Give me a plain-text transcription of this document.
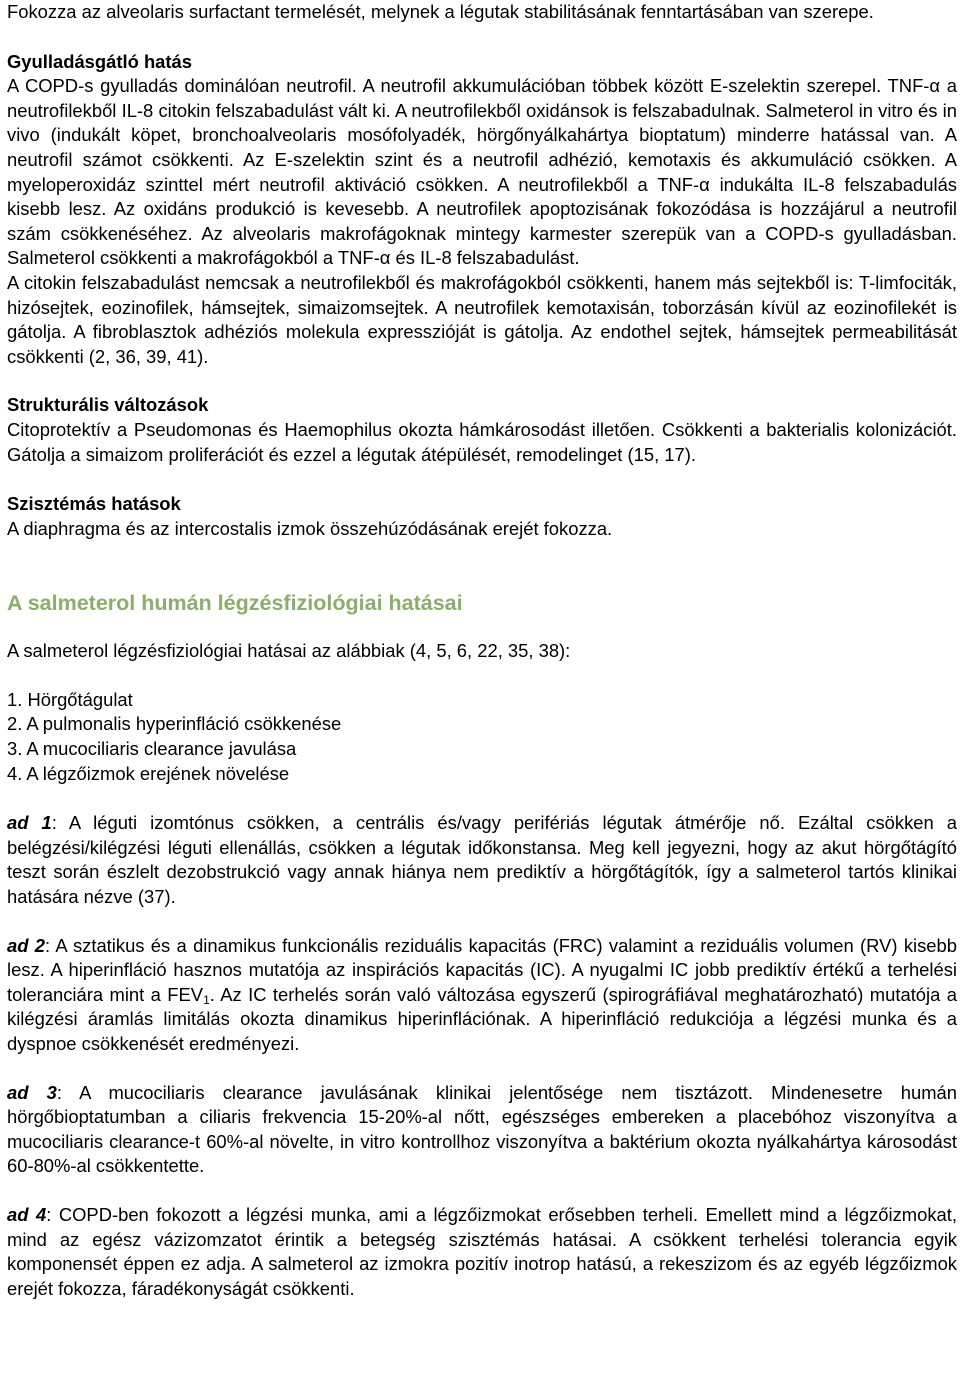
Fokozza az alveolaris surfactant termelését, melynek a légutak stabilitásának fenntartásában van szerepe.

Gyulladásgátló hatás

A COPD-s gyulladás dominálóan neutrofil. A neutrofil akkumulációban többek között E-szelektin szerepel. TNF-α a neutrofilekből IL-8 citokin felszabadulást vált ki. A neutrofilekből oxidánsok is felszabadulnak. Salmeterol in vitro és in vivo (indukált köpet, bronchoalveolaris mosófolyadék, hörgőnyálkahártya bioptatum) minderre hatással van. A neutrofil számot csökkenti. Az E-szelektin szint és a neutrofil adhézió, kemotaxis és akkumuláció csökken. A myeloperoxidáz szinttel mért neutrofil aktiváció csökken. A neutrofilekből a TNF-α indukálta IL-8 felszabadulás kisebb lesz. Az oxidáns produkció is kevesebb. A neutrofilek apoptozisának fokozódása is hozzájárul a neutrofil szám csökkenéséhez. Az alveolaris makrofágoknak mintegy karmester szerepük van a COPD-s gyulladásban. Salmeterol csökkenti a makrofágokból a TNF-α és IL-8 felszabadulást.

A citokin felszabadulást nemcsak a neutrofilekből és makrofágokból csökkenti, hanem más sejtekből is: T-limfociták, hizósejtek, eozinofilek, hámsejtek, simaizomsejtek. A neutrofilek kemotaxisán, toborzásán kívül az eozinofilekét is gátolja. A fibroblasztok adhéziós molekula expresszióját is gátolja. Az endothel sejtek, hámsejtek permeabilitását csökkenti (2, 36, 39, 41).

Strukturális változások

Citoprotektív a Pseudomonas és Haemophilus okozta hámkárosodást illetően. Csökkenti a bakterialis kolonizációt. Gátolja a simaizom proliferációt és ezzel a légutak átépülését, remodelinget (15, 17).

Szisztémás hatások

A diaphragma és az intercostalis izmok összehúzódásának erejét fokozza.

A salmeterol humán légzésfiziológiai hatásai

A salmeterol légzésfiziológiai hatásai az alábbiak (4, 5, 6, 22, 35, 38):

1. Hörgőtágulat

2. A pulmonalis hyperinfláció csökkenése

3. A mucociliaris clearance javulása

4. A légzőizmok erejének növelése

ad 1: A léguti izomtónus csökken, a centrális és/vagy perifériás légutak átmérője nő. Ezáltal csökken a belégzési/kilégzési léguti ellenállás, csökken a légutak időkonstansa. Meg kell jegyezni, hogy az akut hörgőtágító teszt során észlelt dezobstrukció vagy annak hiánya nem prediktív a hörgőtágítók, így a salmeterol tartós klinikai hatására nézve (37).

ad 2: A sztatikus és a dinamikus funkcionális reziduális kapacitás (FRC) valamint a reziduális volumen (RV) kisebb lesz. A hiperinfláció hasznos mutatója az inspirációs kapacitás (IC). A nyugalmi IC jobb prediktív értékű a terhelési toleranciára mint a $FEV_1$. Az IC terhelés során való változása egyszerű (spirográfiával meghatározható) mutatója a kilégzési áramlás limitálás okozta dinamikus hiperinflációnak. A hiperinfláció redukciója a légzési munka és a dyspnoe csökkenését eredményezi.

ad 3: A mucociliaris clearance javulásának klinikai jelentősége nem tisztázott. Mindenesetre humán hörgőbioptatumban a ciliaris frekvencia 15-20%-al nőtt, egészséges embereken a placebóhoz viszonyítva a mucociliaris clearance-t 60%-al növelte, in vitro kontrollhoz viszonyítva a baktérium okozta nyálkahártya károsodást 60-80%-al csökkentette.

ad 4: COPD-ben fokozott a légzési munka, ami a légzőizmokat erősebben terheli. Emellett mind a légzőizmokat, mind az egész vázizomzatot érintik a betegség szisztémás hatásai. A csökkent terhelési tolerancia egyik komponensét éppen ez adja. A salmeterol az izmokra pozitív inotrop hatású, a rekeszizom és az egyéb légzőizmok erejét fokozza, fáradékonyságát csökkenti.
